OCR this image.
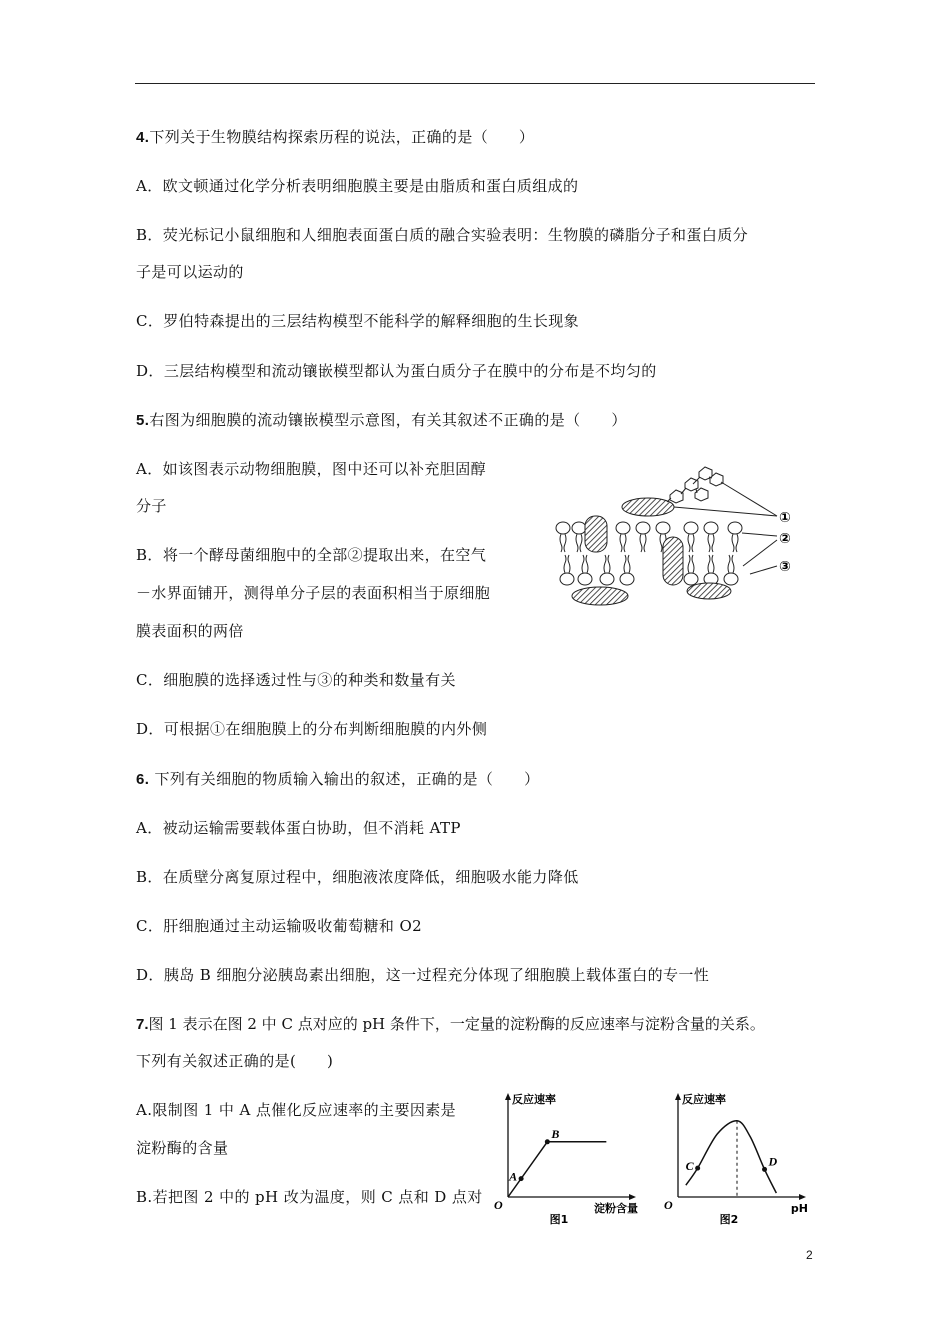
4.下列关于生物膜结构探索历程的说法，正确的是（　　）
A．欧文顿通过化学分析表明细胞膜主要是由脂质和蛋白质组成的
B．荧光标记小鼠细胞和人细胞表面蛋白质的融合实验表明：生物膜的磷脂分子和蛋白质分
子是可以运动的
C．罗伯特森提出的三层结构模型不能科学的解释细胞的生长现象
D．三层结构模型和流动镶嵌模型都认为蛋白质分子在膜中的分布是不均匀的
5.右图为细胞膜的流动镶嵌模型示意图，有关其叙述不正确的是（　　）
A．如该图表示动物细胞膜，图中还可以补充胆固醇
分子
B．将一个酵母菌细胞中的全部②提取出来，在空气
－水界面铺开，测得单分子层的表面积相当于原细胞
膜表面积的两倍
C．细胞膜的选择透过性与③的种类和数量有关
D．可根据①在细胞膜上的分布判断细胞膜的内外侧
①
②
③
6. 下列有关细胞的物质输入输出的叙述，正确的是（　　）
A．被动运输需要载体蛋白协助，但不消耗 ATP
B．在质壁分离复原过程中，细胞液浓度降低，细胞吸水能力降低
C．肝细胞通过主动运输吸收葡萄糖和 O2
D．胰岛 B 细胞分泌胰岛素出细胞，这一过程充分体现了细胞膜上载体蛋白的专一性
7.图 1 表示在图 2 中 C 点对应的 pH 条件下，一定量的淀粉酶的反应速率与淀粉含量的关系。
下列有关叙述正确的是(　　)
A.限制图 1 中 A 点催化反应速率的主要因素是
淀粉酶的含量
B.若把图 2 中的 pH 改为温度，则 C 点和 D 点对
反应速率
淀粉含量
O
图1
A
B
反应速率
pH
O
图2
C	D
2
